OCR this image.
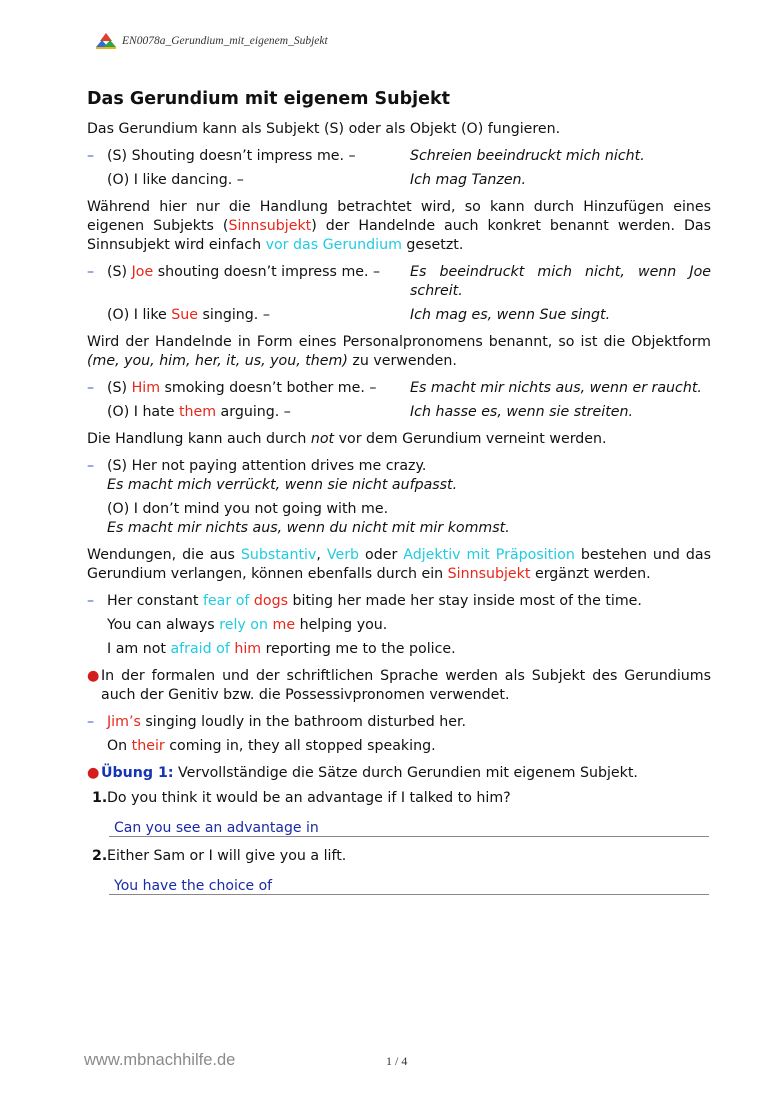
EN0078a_Gerundium_mit_eigenem_Subjekt
Das Gerundium mit eigenem Subjekt

Das Gerundium kann als Subjekt (S) oder als Objekt (O) fungieren.

– (S) Shouting doesn’t impress me. –	Schreien beeindruckt mich nicht.
(O) I like dancing. –	Ich mag Tanzen.

Während hier nur die Handlung betrachtet wird, so kann durch Hinzufügen eines eigenen Subjekts (Sinnsubjekt) der Handelnde auch konkret benannt werden. Das Sinnsubjekt wird einfach vor das Gerundium gesetzt.

– (S) Joe shouting doesn’t impress me. – Es beeindruckt mich nicht, wenn Joe schreit.
(O) I like Sue singing. –	Ich mag es, wenn Sue singt.

Wird der Handelnde in Form eines Personalpronomens benannt, so ist die Objektform (me, you, him, her, it, us, you, them) zu verwenden.

– (S) Him smoking doesn’t bother me. – Es macht mir nichts aus, wenn er raucht.
(O) I hate them arguing. –	Ich hasse es, wenn sie streiten.

Die Handlung kann auch durch not vor dem Gerundium verneint werden.

– (S) Her not paying attention drives me crazy.
Es macht mich verrückt, wenn sie nicht aufpasst.
(O) I don’t mind you not going with me.
Es macht mir nichts aus, wenn du nicht mit mir kommst.

Wendungen, die aus Substantiv, Verb oder Adjektiv mit Präposition bestehen und das Gerundium verlangen, können ebenfalls durch ein Sinnsubjekt ergänzt werden.

– Her constant fear of dogs biting her made her stay inside most of the time.
You can always rely on me helping you.
I am not afraid of him reporting me to the police.
● In der formalen und der schriftlichen Sprache werden als Subjekt des Gerundiums auch der Genitiv bzw. die Possessivpronomen verwendet.
– Jim’s singing loudly in the bathroom disturbed her.
On their coming in, they all stopped speaking.
● Übung 1: Vervollständige die Sätze durch Gerundien mit eigenem Subjekt.
1. Do you think it would be an advantage if I talked to him?
Can you see an advantage in
2. Either Sam or I will give you a lift.
You have the choice of
www.mbnachhilfe.de	1 / 4
